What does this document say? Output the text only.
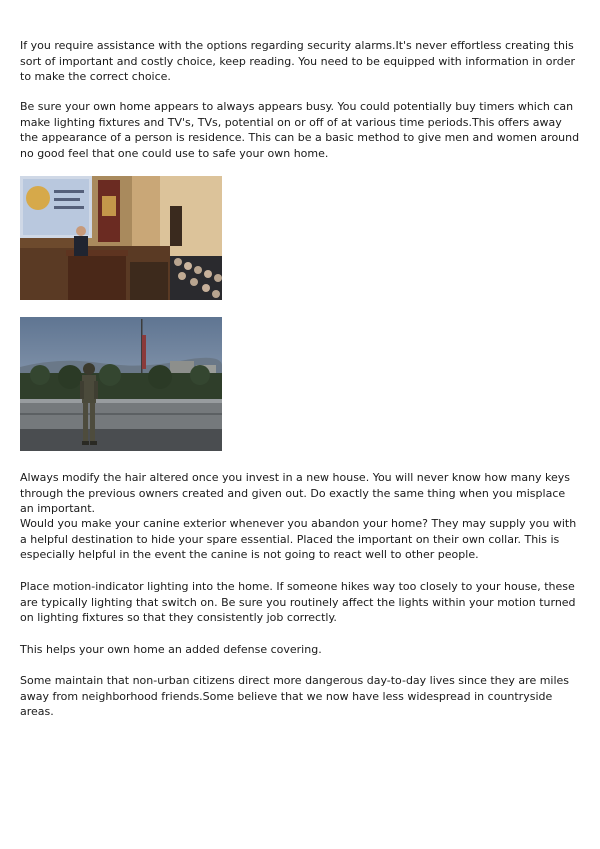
If you require assistance with the options regarding security alarms.It's never effortless creating this sort of important and costly choice, keep reading. You need to be equipped with information in order to make the correct choice.

Be sure your own home appears to always appears busy. You could potentially buy timers which can make lighting fixtures and TV's, TVs, potential on or off of at various time periods.This offers away the appearance of a person is residence. This can be a basic method to give men and women around no good feel that one could use to safe your own home.

Always modify the hair altered once you invest in a new house. You will never know how many keys through the previous owners created and given out. Do exactly the same thing when you misplace an important.

Would you make your canine exterior whenever you abandon your home? They may supply you with a helpful destination to hide your spare essential. Placed the important on their own collar. This is especially helpful in the event the canine is not going to react well to other people.

Place motion-indicator lighting into the home. If someone hikes way too closely to your house, these are typically lighting that switch on. Be sure you routinely affect the lights within your motion turned on lighting fixtures so that they consistently job correctly.

This helps your own home an added defense covering.

Some maintain that non-urban citizens direct more dangerous day-to-day lives since they are miles away from neighborhood friends.Some believe that we now have less widespread in countryside areas.
